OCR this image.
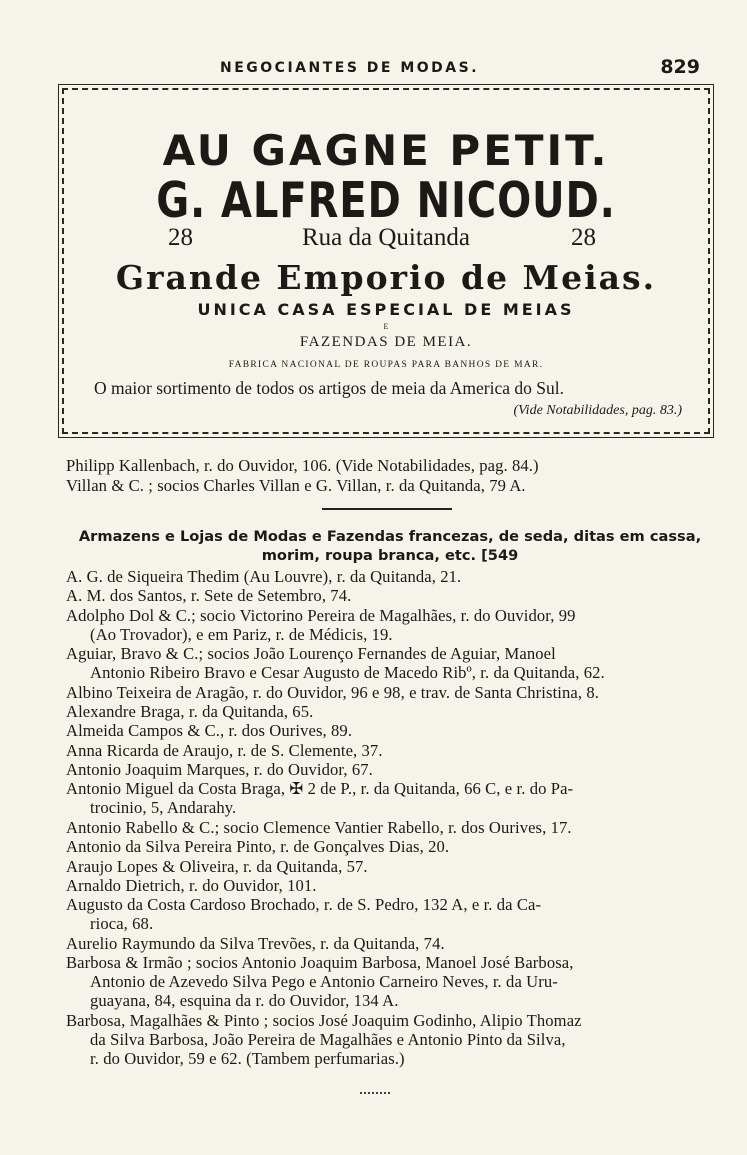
NEGOCIANTES DE MODAS.	829
AU GAGNE PETIT.
G. ALFRED NICOUD.
28	Rua da Quitanda	28
Grande Emporio de Meias.
UNICA CASA ESPECIAL DE MEIAS
E
FAZENDAS DE MEIA.
FABRICA NACIONAL DE ROUPAS PARA BANHOS DE MAR.
O maior sortimento de todos os artigos de meia da America do Sul.
(Vide Notabilidades, pag. 83.)
Philipp Kallenbach, r. do Ouvidor, 106. (Vide Notabilidades, pag. 84.)
Villan & C. ; socios Charles Villan e G. Villan, r. da Quitanda, 79 A.
Armazens e Lojas de Modas e Fazendas francezas, de seda, ditas em cassa,
morim, roupa branca, etc. [549
A. G. de Siqueira Thedim (Au Louvre), r. da Quitanda, 21.
A. M. dos Santos, r. Sete de Setembro, 74.
Adolpho Dol & C.; socio Victorino Pereira de Magalhães, r. do Ouvidor, 99
(Ao Trovador), e em Pariz, r. de Médicis, 19.
Aguiar, Bravo & C.; socios João Lourenço Fernandes de Aguiar, Manoel
Antonio Ribeiro Bravo e Cesar Augusto de Macedo Ribº, r. da Quitanda, 62.
Albino Teixeira de Aragão, r. do Ouvidor, 96 e 98, e trav. de Santa Christina, 8.
Alexandre Braga, r. da Quitanda, 65.
Almeida Campos & C., r. dos Ourives, 89.
Anna Ricarda de Araujo, r. de S. Clemente, 37.
Antonio Joaquim Marques, r. do Ouvidor, 67.
Antonio Miguel da Costa Braga, ✠ 2 de P., r. da Quitanda, 66 C, e r. do Pa-
trocinio, 5, Andarahy.
Antonio Rabello & C.; socio Clemence Vantier Rabello, r. dos Ourives, 17.
Antonio da Silva Pereira Pinto, r. de Gonçalves Dias, 20.
Araujo Lopes & Oliveira, r. da Quitanda, 57.
Arnaldo Dietrich, r. do Ouvidor, 101.
Augusto da Costa Cardoso Brochado, r. de S. Pedro, 132 A, e r. da Ca-
rioca, 68.
Aurelio Raymundo da Silva Trevões, r. da Quitanda, 74.
Barbosa & Irmão ; socios Antonio Joaquim Barbosa, Manoel José Barbosa,
Antonio de Azevedo Silva Pego e Antonio Carneiro Neves, r. da Uru-
guayana, 84, esquina da r. do Ouvidor, 134 A.
Barbosa, Magalhães & Pinto ; socios José Joaquim Godinho, Alipio Thomaz
da Silva Barbosa, João Pereira de Magalhães e Antonio Pinto da Silva,
r. do Ouvidor, 59 e 62. (Tambem perfumarias.)
